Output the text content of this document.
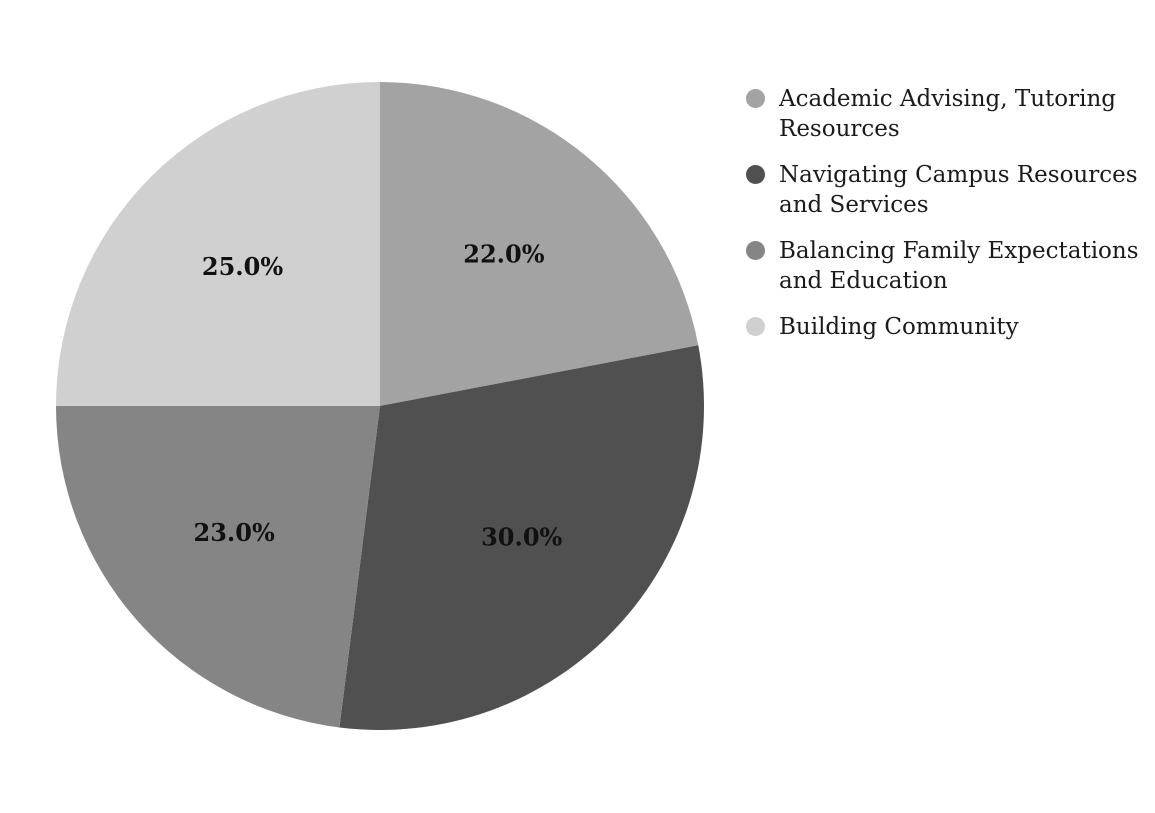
22.0%
30.0%
23.0%
25.0%
Academic Advising, Tutoring Resources
Navigating Campus Resources and Services
Balancing Family Expectations and Education
Building Community
